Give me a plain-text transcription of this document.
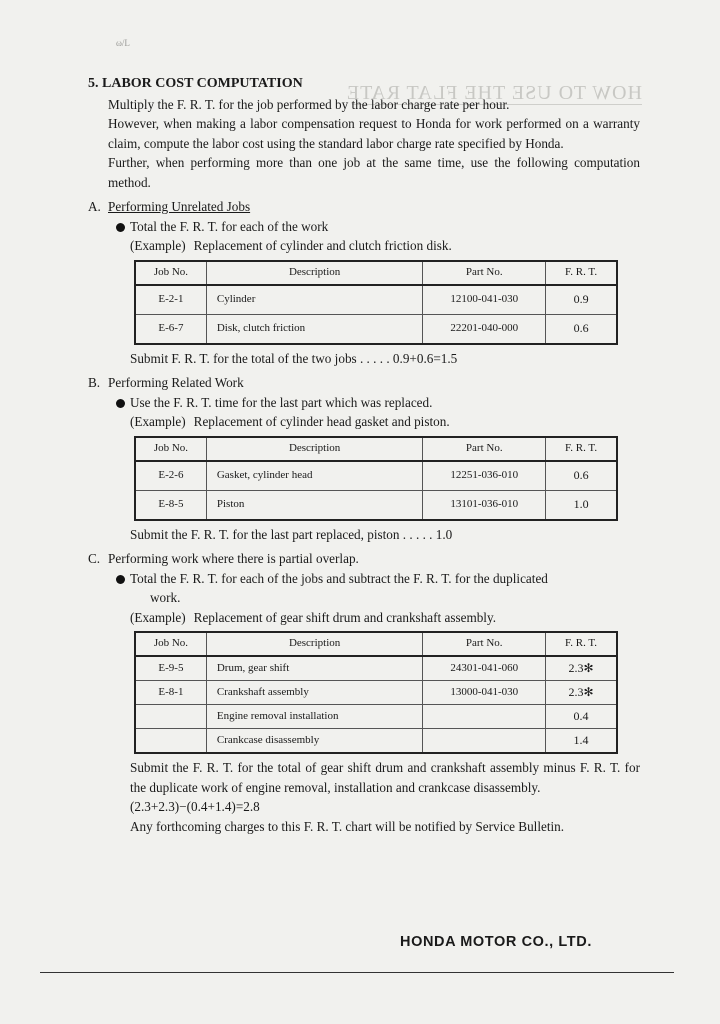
HOW TO USE THE FLAT RATE
ω/L
5. LABOR COST COMPUTATION

Multiply the F. R. T. for the job performed by the labor charge rate per hour.

However, when making a labor compensation request to Honda for work performed on a warranty claim, compute the labor cost using the standard labor charge rate specified by Honda.

Further, when performing more than one job at the same time, use the following computation method.

A. Performing Unrelated Jobs
Total the F. R. T. for each of the work
(Example) Replacement of cylinder and clutch friction disk.
Job No.	Description	Part No.	F. R. T.
E-2-1	Cylinder	12100-041-030	0.9
E-6-7	Disk, clutch friction	22201-040-000	0.6
Submit F. R. T. for the total of the two jobs . . . . . 0.9+0.6=1.5
B. Performing Related Work
Use the F. R. T. time for the last part which was replaced.
(Example) Replacement of cylinder head gasket and piston.
Job No.	Description	Part No.	F. R. T.
E-2-6	Gasket, cylinder head	12251-036-010	0.6
E-8-5	Piston	13101-036-010	1.0
Submit the F. R. T. for the last part replaced, piston . . . . . 1.0
C. Performing work where there is partial overlap.
Total the F. R. T. for each of the jobs and subtract the F. R. T. for the duplicated
work.
(Example) Replacement of gear shift drum and crankshaft assembly.
Job No.	Description	Part No.	F. R. T.
E-9-5	Drum, gear shift	24301-041-060	2.3✻
E-8-1	Crankshaft assembly	13000-041-030	2.3✻
	Engine removal installation		0.4
	Crankcase disassembly		1.4
Submit the F. R. T. for the total of gear shift drum and crankshaft assembly minus F. R. T. for the duplicate work of engine removal, installation and crankcase disassembly.
(2.3+2.3)−(0.4+1.4)=2.8
Any forthcoming charges to this F. R. T. chart will be notified by Service Bulletin.
HONDA MOTOR CO., LTD.
